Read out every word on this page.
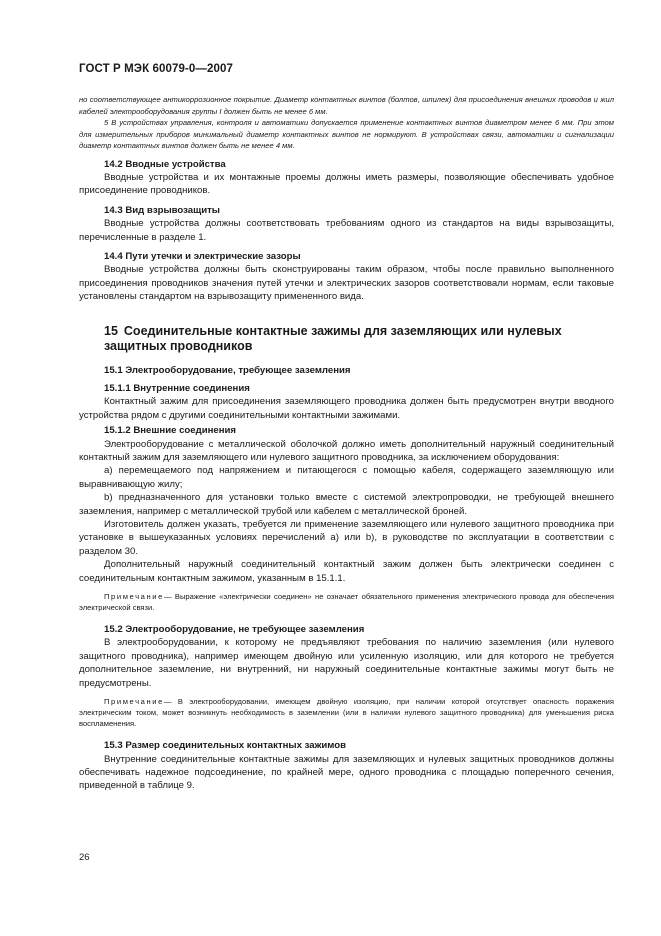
ГОСТ Р МЭК 60079-0—2007

но соответствующее антикоррозионное покрытие. Диаметр контактных винтов (болтов, шпилек) для присоединения внешних проводов и жил кабелей электрооборудования группы I должен быть не менее 6 мм.

5 В устройствах управления, контроля и автоматики допускается применение контактных винтов диаметром менее 6 мм. При этом для измерительных приборов минимальный диаметр контактных винтов не нормируют. В устройствах связи, автоматики и сигнализации диаметр контактных винтов должен быть не менее 4 мм.

14.2 Вводные устройства

Вводные устройства и их монтажные проемы должны иметь размеры, позволяющие обеспечивать удобное присоединение проводников.

14.3 Вид взрывозащиты

Вводные устройства должны соответствовать требованиям одного из стандартов на виды взрывозащиты, перечисленные в разделе 1.

14.4 Пути утечки и электрические зазоры

Вводные устройства должны быть сконструированы таким образом, чтобы после правильно выполненного присоединения проводников значения путей утечки и электрических зазоров соответствовали нормам, если таковые установлены стандартом на взрывозащиту примененного вида.

15 Соединительные контактные зажимы для заземляющих или нулевых
защитных проводников
15.1 Электрооборудование, требующее заземления
15.1.1 Внутренние соединения

Контактный зажим для присоединения заземляющего проводника должен быть предусмотрен внутри вводного устройства рядом с другими соединительными контактными зажимами.

15.1.2 Внешние соединения

Электрооборудование с металлической оболочкой должно иметь дополнительный наружный соединительный контактный зажим для заземляющего или нулевого защитного проводника, за исключением оборудования:

a) перемещаемого под напряжением и питающегося с помощью кабеля, содержащего заземляющую или выравнивающую жилу;

b) предназначенного для установки только вместе с системой электропроводки, не требующей внешнего заземления, например с металлической трубой или кабелем с металлической броней.

Изготовитель должен указать, требуется ли применение заземляющего или нулевого защитного проводника при установке в вышеуказанных условиях перечислений a) или b), в руководстве по эксплуатации в соответствии с разделом 30.

Дополнительный наружный соединительный контактный зажим должен быть электрически соединен с соединительным контактным зажимом, указанным в 15.1.1.

Примечание— Выражение «электрически соединен» не означает обязательного применения электрического провода для обеспечения электрической связи.

15.2 Электрооборудование, не требующее заземления

В электрооборудовании, к которому не предъявляют требования по наличию заземления (или нулевого защитного проводника), например имеющем двойную или усиленную изоляцию, или для которого не требуется дополнительное заземление, ни внутренний, ни наружный соединительные контактные зажимы могут быть не предусмотрены.

Примечание— В электрооборудовании, имеющем двойную изоляцию, при наличии которой отсутствует опасность поражения электрическим током, может возникнуть необходимость в заземлении (или в наличии нулевого защитного проводника) для уменьшения риска воспламенения.

15.3 Размер соединительных контактных зажимов

Внутренние соединительные контактные зажимы для заземляющих и нулевых защитных проводников должны обеспечивать надежное подсоединение, по крайней мере, одного проводника с площадью поперечного сечения, приведенной в таблице 9.

26
